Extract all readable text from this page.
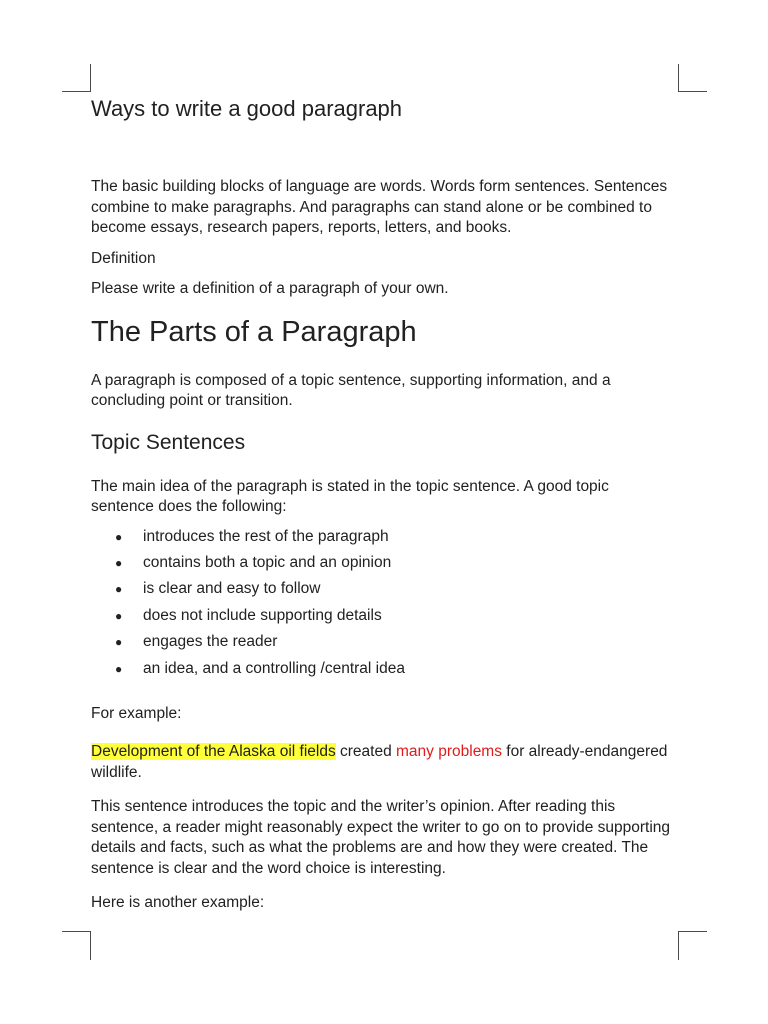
Ways to write a good paragraph

The basic building blocks of language are words. Words form sentences. Sentences combine to make paragraphs. And paragraphs can stand alone or be combined to become essays, research papers, reports, letters, and books.

Definition

Please write a definition of a paragraph of your own.

The Parts of a Paragraph

A paragraph is composed of a topic sentence, supporting information, and a concluding point or transition.

Topic Sentences

The main idea of the paragraph is stated in the topic sentence. A good topic sentence does the following:

● introduces the rest of the paragraph
● contains both a topic and an opinion
● is clear and easy to follow
● does not include supporting details
● engages the reader
● an idea, and a controlling /central idea

For example:

Development of the Alaska oil fields created many problems for already-endangered wildlife.

This sentence introduces the topic and the writer’s opinion. After reading this sentence, a reader might reasonably expect the writer to go on to provide supporting details and facts, such as what the problems are and how they were created. The sentence is clear and the word choice is interesting.

Here is another example:
